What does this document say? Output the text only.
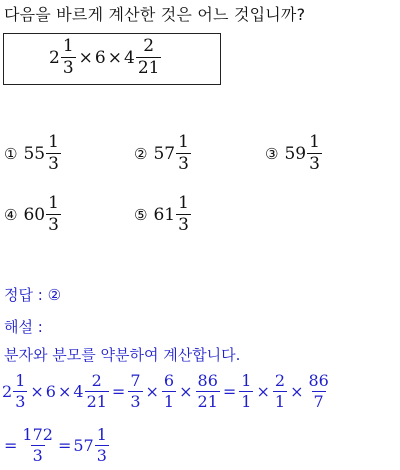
다음을 바르게 계산한 것은 어느 것입니까?
$2 \frac{1}{3} \times 6 \times 4 \frac{2}{21}$
① $55 \frac{1}{3}$	② $57 \frac{1}{3}$	③ $59 \frac{1}{3}$
④ $60 \frac{1}{3}$	⑤ $61 \frac{1}{3}$
정답 : ②
해설 :
분자와 분모를 약분하여 계산합니다.
$2 \frac{1}{3} \times 6 \times 4 \frac{2}{21} = \frac{7}{3} \times \frac{6}{1} \times \frac{86}{21} = \frac{1}{1} \times \frac{2}{1} \times \frac{86}{7}$
= $\frac{172}{3} = 57 \frac{1}{3}$
